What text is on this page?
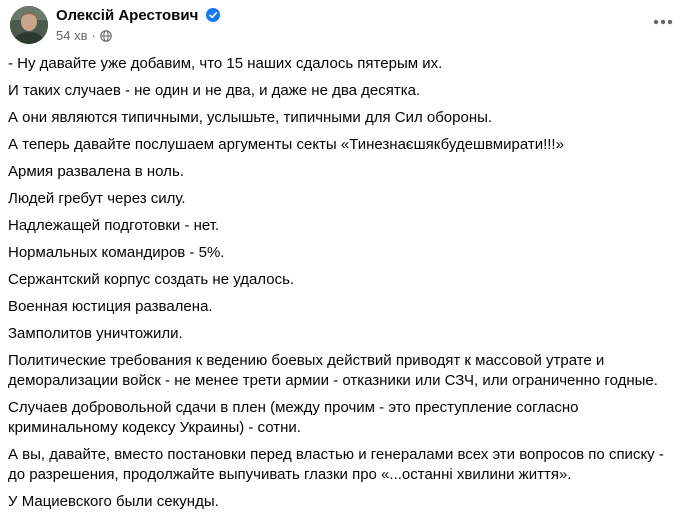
Олексій Арестович
54 хв ·

- Ну давайте уже добавим, что 15 наших сдалось пятерым их.

И таких случаев - не один и не два, и даже не два десятка.

А они являются типичными, услышьте, типичными для Сил обороны.

А теперь давайте послушаем аргументы секты «Тинезнаєшякбудешвмирати!!!»

Армия развалена в ноль.

Людей гребут через силу.

Надлежащей подготовки - нет.

Нормальных командиров - 5%.

Сержантский корпус создать не удалось.

Военная юстиция развалена.

Замполитов уничтожили.

Политические требования к ведению боевых действий приводят к массовой утрате и деморализации войск - не менее трети армии - отказники или СЗЧ, или ограниченно годные.

Случаев добровольной сдачи в плен (между прочим - это преступление согласно криминальному кодексу Украины) - сотни.

А вы, давайте, вместо постановки перед властью и генералами всех эти вопросов по списку - до разрешения, продолжайте выпучивать глазки про «...останні хвилини життя».

У Мациевского были секунды.
